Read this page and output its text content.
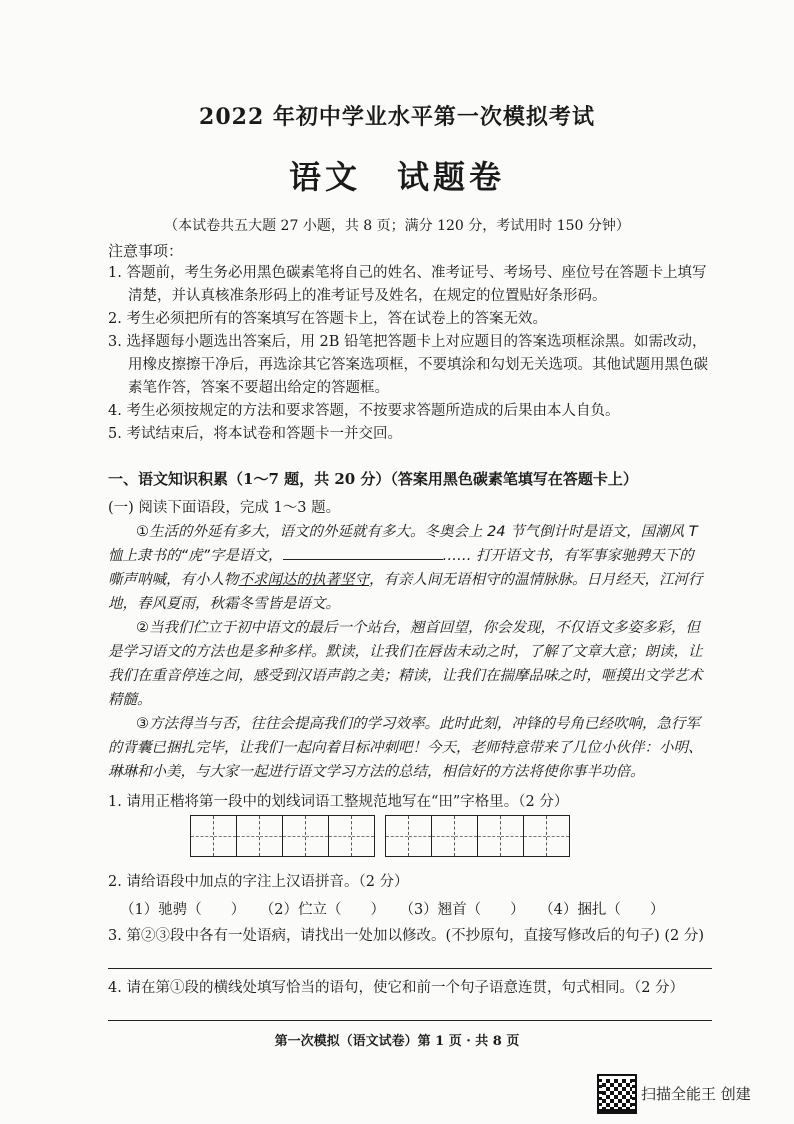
2022 年初中学业水平第一次模拟考试
语文　试题卷
（本试卷共五大题 27 小题，共 8 页；满分 120 分，考试用时 150 分钟）
注意事项：
1. 答题前，考生务必用黑色碳素笔将自己的姓名、准考证号、考场号、座位号在答题卡上填写清楚，并认真核准条形码上的准考证号及姓名，在规定的位置贴好条形码。
2. 考生必须把所有的答案填写在答题卡上，答在试卷上的答案无效。
3. 选择题每小题选出答案后，用 2B 铅笔把答题卡上对应题目的答案选项框涂黑。如需改动，用橡皮擦擦干净后，再选涂其它答案选项框，不要填涂和勾划无关选项。其他试题用黑色碳素笔作答，答案不要超出给定的答题框。
4. 考生必须按规定的方法和要求答题，不按要求答题所造成的后果由本人自负。
5. 考试结束后，将本试卷和答题卡一并交回。
一、语文知识积累（1～7 题，共 20 分）（答案用黑色碳素笔填写在答题卡上）
(一) 阅读下面语段，完成 1～3 题。

①生活的外延有多大，语文的外延就有多大。冬奥会上 24 节气倒计时是语文，国潮风 T 恤上隶书的“虎”字是语文，	…… 打开语文书，有军事家驰骋天下的嘶声呐喊，有小人物不求闻达的执著坚守，有亲人间无语相守的温情脉脉。日月经天，江河行地，春风夏雨，秋霜冬雪皆是语文。

②当我们伫立于初中语文的最后一个站台，翘首回望，你会发现，不仅语文多姿多彩，但是学习语文的方法也是多种多样。默读，让我们在唇齿未动之时，了解了文章大意；朗读，让我们在重音停连之间，感受到汉语声韵之美；精读，让我们在揣摩品味之时，咂摸出文学艺术精髓。

③方法得当与否，往往会提高我们的学习效率。此时此刻，冲锋的号角已经吹响，急行军的背囊已捆扎完毕，让我们一起向着目标冲刺吧！今天，老师特意带来了几位小伙伴：小明、琳琳和小美，与大家一起进行语文学习方法的总结，相信好的方法将使你事半功倍。

1. 请用正楷将第一段中的划线词语工整规范地写在“田”字格里。（2 分）
2. 请给语段中加点的字注上汉语拼音。（2 分）
（1）驰骋（　　）　　（2）伫立（　　）　　（3）翘首（　　）　　（4）捆扎（　　）
3. 第②③段中各有一处语病，请找出一处加以修改。(不抄原句，直接写修改后的句子) (2 分)
4. 请在第①段的横线处填写恰当的语句，使它和前一个句子语意连贯，句式相同。（2 分）
第一次模拟（语文试卷）第 1 页 · 共 8 页
扫描全能王 创建
